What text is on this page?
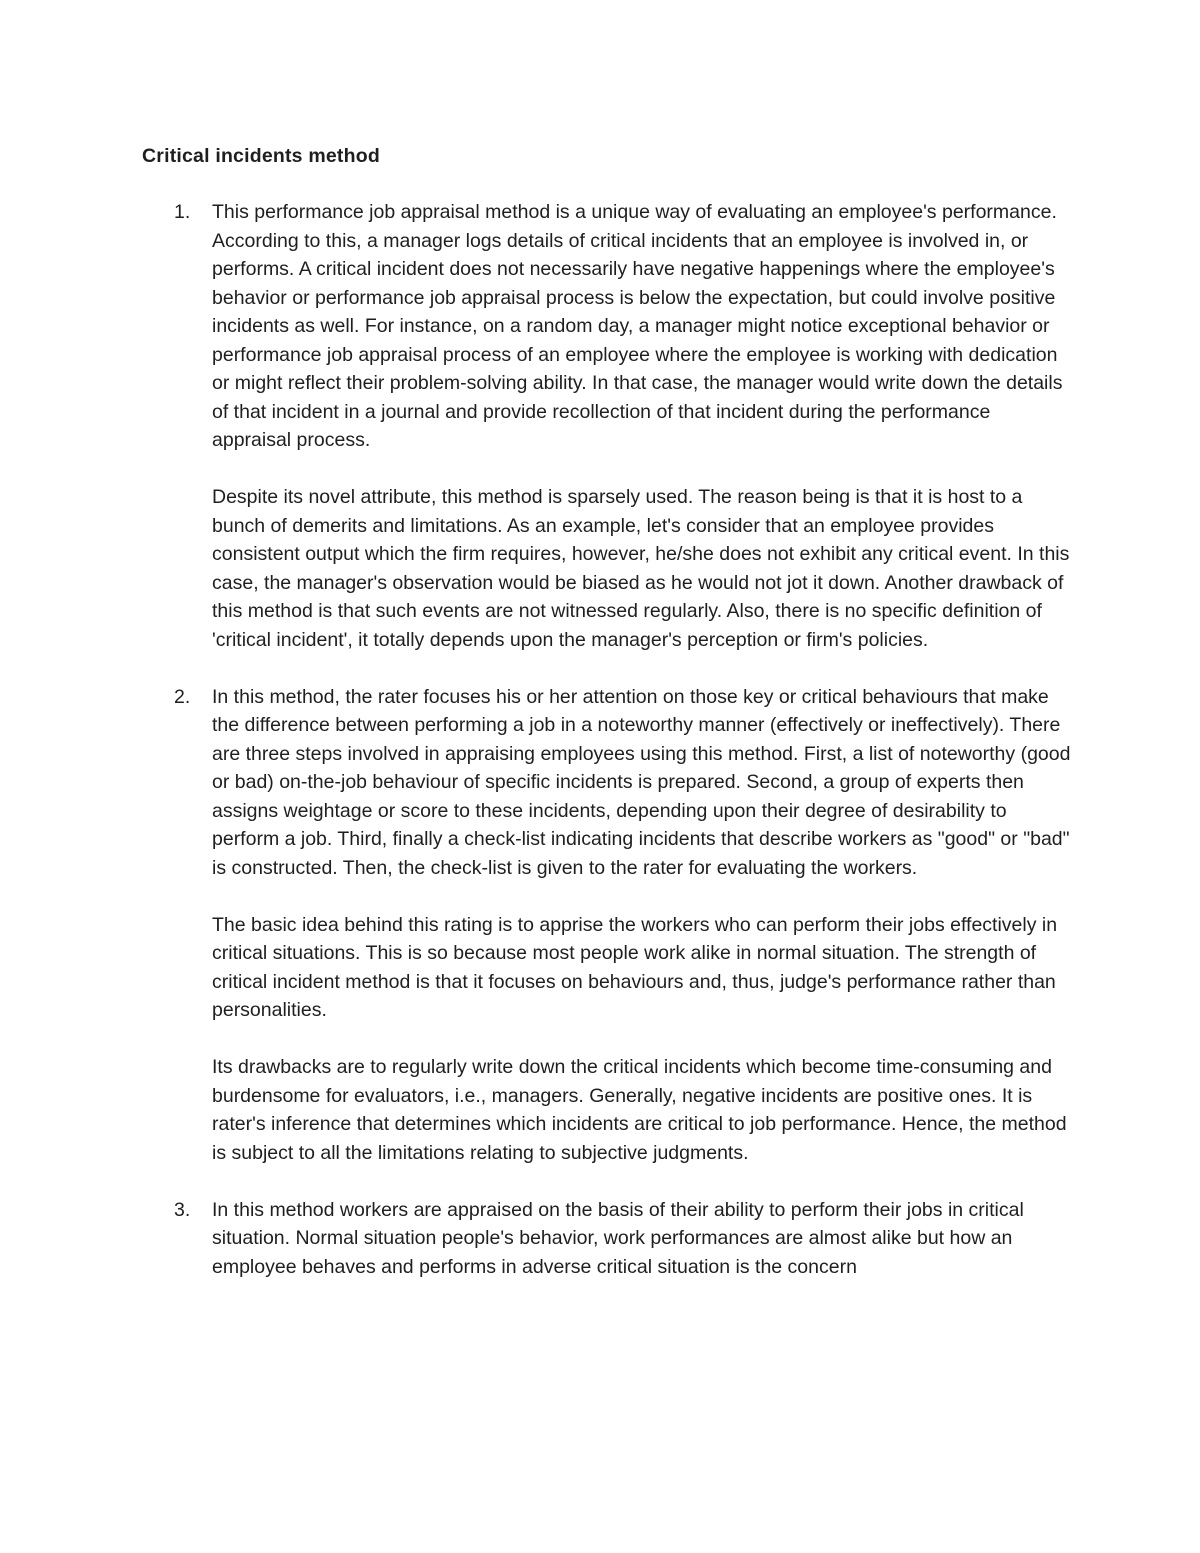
Critical incidents method
1. This performance job appraisal method is a unique way of evaluating an employee's performance. According to this, a manager logs details of critical incidents that an employee is involved in, or performs. A critical incident does not necessarily have negative happenings where the employee's behavior or performance job appraisal process is below the expectation, but could involve positive incidents as well. For instance, on a random day, a manager might notice exceptional behavior or performance job appraisal process of an employee where the employee is working with dedication or might reflect their problem-solving ability. In that case, the manager would write down the details of that incident in a journal and provide recollection of that incident during the performance appraisal process.

Despite its novel attribute, this method is sparsely used. The reason being is that it is host to a bunch of demerits and limitations. As an example, let's consider that an employee provides consistent output which the firm requires, however, he/she does not exhibit any critical event. In this case, the manager's observation would be biased as he would not jot it down. Another drawback of this method is that such events are not witnessed regularly. Also, there is no specific definition of 'critical incident', it totally depends upon the manager's perception or firm's policies.

2. In this method, the rater focuses his or her attention on those key or critical behaviours that make the difference between performing a job in a noteworthy manner (effectively or ineffectively). There are three steps involved in appraising employees using this method. First, a list of noteworthy (good or bad) on-the-job behaviour of specific incidents is prepared. Second, a group of experts then assigns weightage or score to these incidents, depending upon their degree of desirability to perform a job. Third, finally a check-list indicating incidents that describe workers as "good" or "bad" is constructed. Then, the check-list is given to the rater for evaluating the workers.

The basic idea behind this rating is to apprise the workers who can perform their jobs effectively in critical situations. This is so because most people work alike in normal situation. The strength of critical incident method is that it focuses on behaviours and, thus, judge's performance rather than personalities.

Its drawbacks are to regularly write down the critical incidents which become time-consuming and burdensome for evaluators, i.e., managers. Generally, negative incidents are positive ones. It is rater's inference that determines which incidents are critical to job performance. Hence, the method is subject to all the limitations relating to subjective judgments.

3. In this method workers are appraised on the basis of their ability to perform their jobs in critical situation. Normal situation people's behavior, work performances are almost alike but how an employee behaves and performs in adverse critical situation is the concern
